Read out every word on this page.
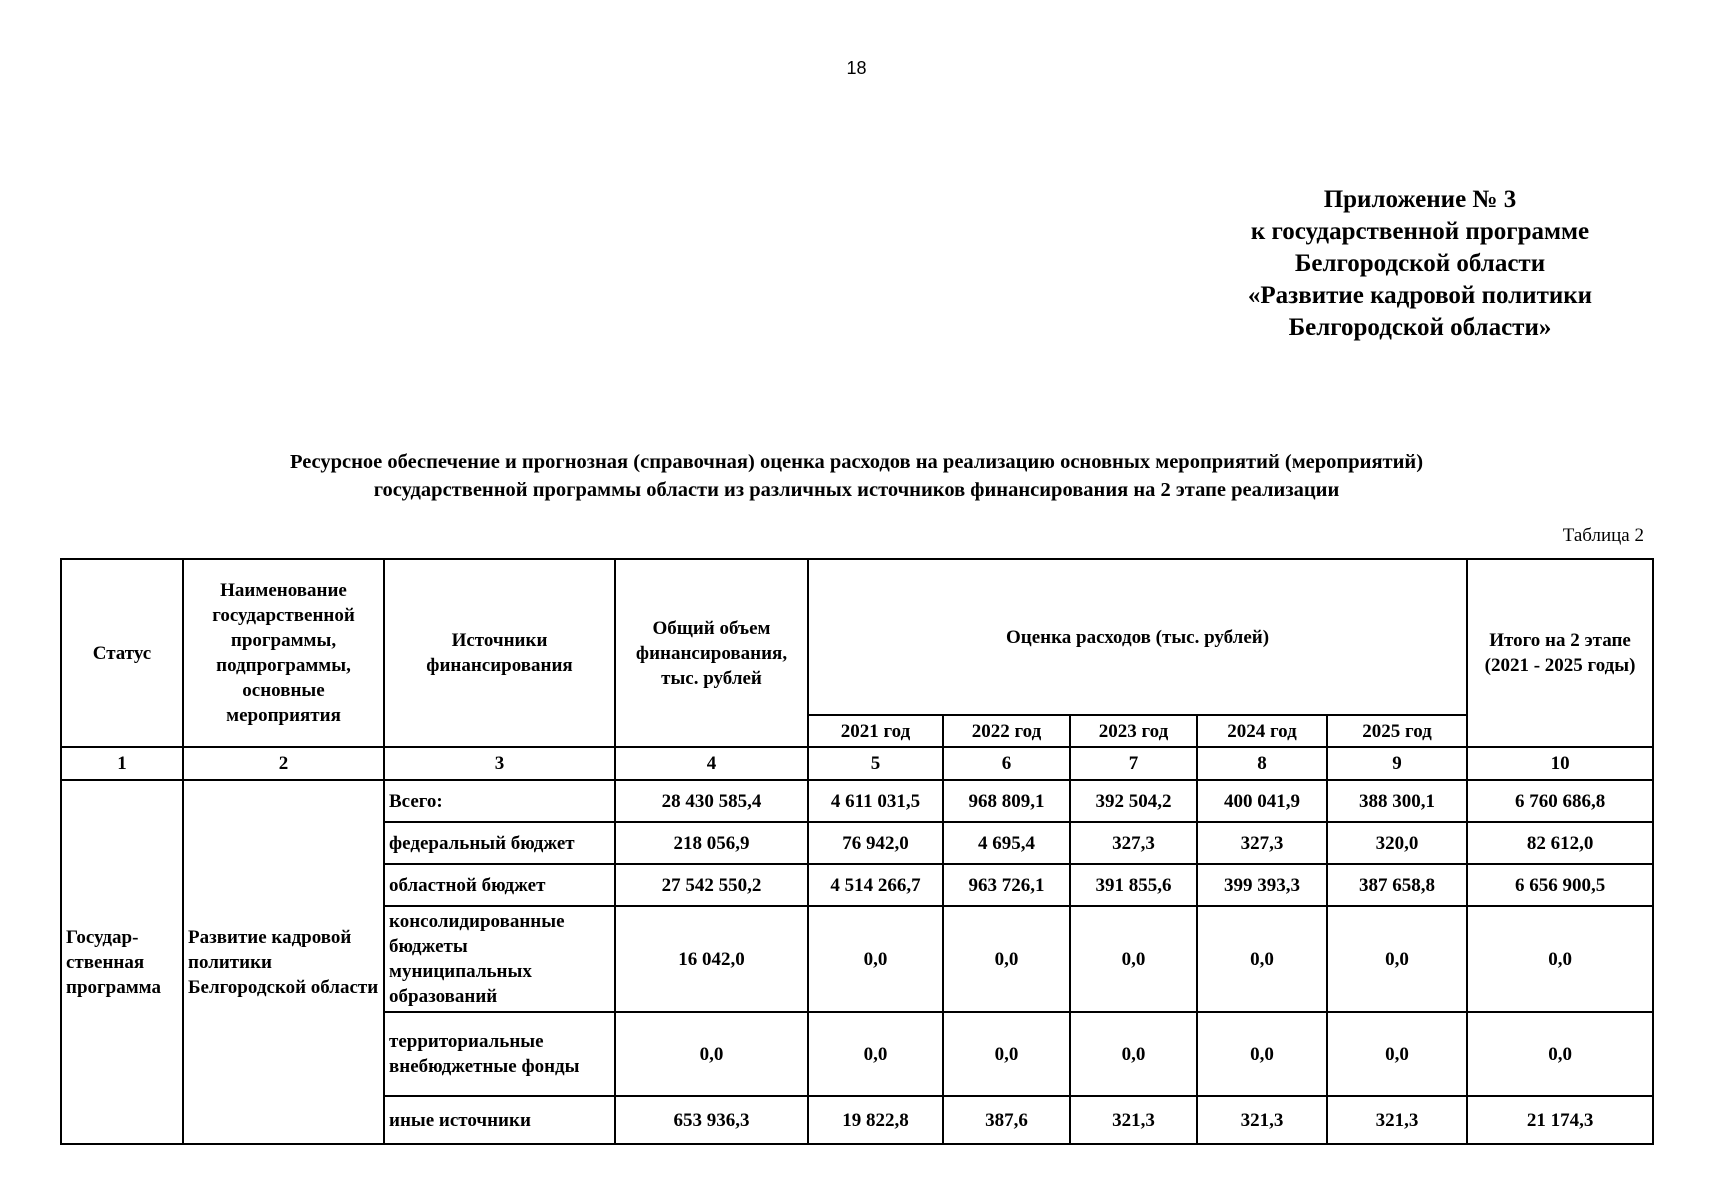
18
Приложение № 3
к государственной программе
Белгородской области
«Развитие кадровой политики
Белгородской области»
Ресурсное обеспечение и прогнозная (справочная) оценка расходов на реализацию основных мероприятий (мероприятий)
государственной программы области из различных источников финансирования на 2 этапе реализации
Таблица 2
Статус	Наименование государственной программы, подпрограммы, основные мероприятия	Источники финансирования	Общий объем финансирования, тыс. рублей	Оценка расходов (тыс. рублей)					Итого на 2 этапе (2021 - 2025 годы)
				2021 год	2022 год	2023 год	2024 год	2025 год	
1	2	3	4	5	6	7	8	9	10
Государ-ственная программа	Развитие кадровой политики Белгородской области	Всего:	28 430 585,4	4 611 031,5	968 809,1	392 504,2	400 041,9	388 300,1	6 760 686,8
		федеральный бюджет	218 056,9	76 942,0	4 695,4	327,3	327,3	320,0	82 612,0
		областной бюджет	27 542 550,2	4 514 266,7	963 726,1	391 855,6	399 393,3	387 658,8	6 656 900,5
		консолидированные бюджеты муниципальных образований	16 042,0	0,0	0,0	0,0	0,0	0,0	0,0
		территориальные внебюджетные фонды	0,0	0,0	0,0	0,0	0,0	0,0	0,0
		иные источники	653 936,3	19 822,8	387,6	321,3	321,3	321,3	21 174,3
